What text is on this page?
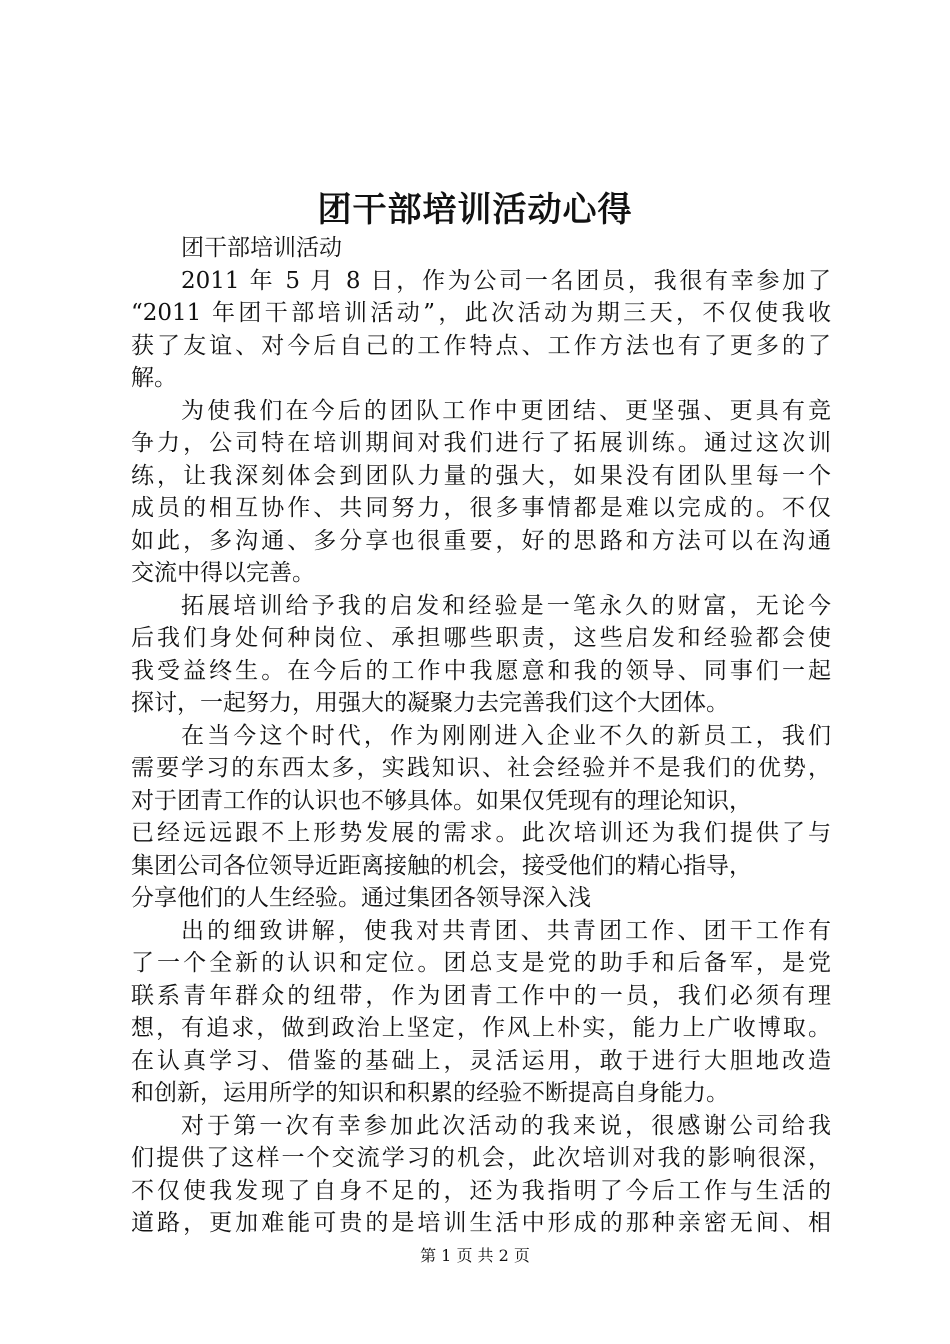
团干部培训活动心得
团干部培训活动
2011 年 5 月 8 日，作为公司一名团员，我很有幸参加了
“2011 年团干部培训活动”，此次活动为期三天，不仅使我收
获了友谊、对今后自己的工作特点、工作方法也有了更多的了
解。
为使我们在今后的团队工作中更团结、更坚强、更具有竞
争力，公司特在培训期间对我们进行了拓展训练。通过这次训
练，让我深刻体会到团队力量的强大，如果没有团队里每一个
成员的相互协作、共同努力，很多事情都是难以完成的。不仅
如此，多沟通、多分享也很重要，好的思路和方法可以在沟通
交流中得以完善。
拓展培训给予我的启发和经验是一笔永久的财富，无论今
后我们身处何种岗位、承担哪些职责，这些启发和经验都会使
我受益终生。在今后的工作中我愿意和我的领导、同事们一起
探讨，一起努力，用强大的凝聚力去完善我们这个大团体。
在当今这个时代，作为刚刚进入企业不久的新员工，我们
需要学习的东西太多，实践知识、社会经验并不是我们的优势，
对于团青工作的认识也不够具体。如果仅凭现有的理论知识，
已经远远跟不上形势发展的需求。此次培训还为我们提供了与
集团公司各位领导近距离接触的机会，接受他们的精心指导，
分享他们的人生经验。通过集团各领导深入浅
出的细致讲解，使我对共青团、共青团工作、团干工作有
了一个全新的认识和定位。团总支是党的助手和后备军，是党
联系青年群众的纽带，作为团青工作中的一员，我们必须有理
想，有追求，做到政治上坚定，作风上朴实，能力上广收博取。
在认真学习、借鉴的基础上，灵活运用，敢于进行大胆地改造
和创新，运用所学的知识和积累的经验不断提高自身能力。
对于第一次有幸参加此次活动的我来说，很感谢公司给我
们提供了这样一个交流学习的机会，此次培训对我的影响很深，
不仅使我发现了自身不足的，还为我指明了今后工作与生活的
道路，更加难能可贵的是培训生活中形成的那种亲密无间、相
第 1 页 共 2 页
